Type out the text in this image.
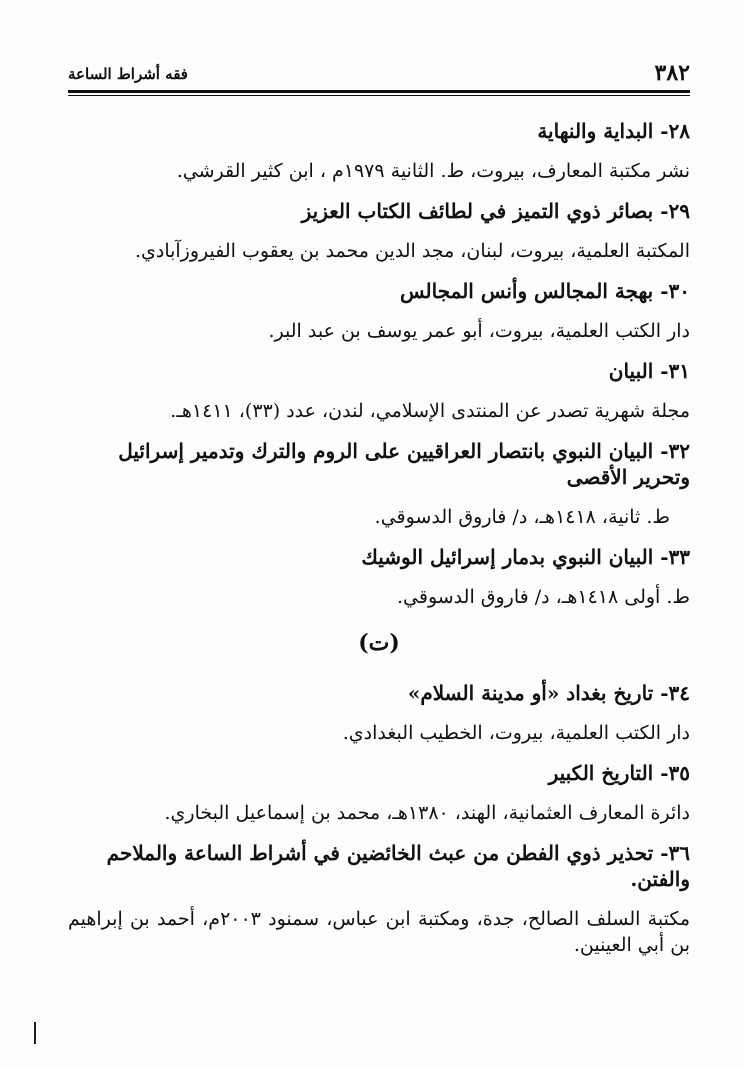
٣٨٢
فقه أشراط الساعة

٢٨- البداية والنهاية

نشر مكتبة المعارف، بيروت، ط. الثانية ١٩٧٩م ، ابن كثير القرشي.

٢٩- بصائر ذوي التميز في لطائف الكتاب العزيز

المكتبة العلمية، بيروت، لبنان، مجد الدين محمد بن يعقوب الفيروزآبادي.

٣٠- بهجة المجالس وأنس المجالس

دار الكتب العلمية، بيروت، أبو عمر يوسف بن عبد البر.

٣١- البيان

مجلة شهرية تصدر عن المنتدى الإسلامي، لندن، عدد (٣٣)، ١٤١١هـ.

٣٢- البيان النبوي بانتصار العراقيين على الروم والترك وتدمير إسرائيل وتحرير الأقصى

ط. ثانية، ١٤١٨هـ، د/ فاروق الدسوقي.

٣٣- البيان النبوي بدمار إسرائيل الوشيك

ط. أولى ١٤١٨هـ، د/ فاروق الدسوقي.

(ت)

٣٤- تاريخ بغداد «أو مدينة السلام»

دار الكتب العلمية، بيروت، الخطيب البغدادي.

٣٥- التاريخ الكبير

دائرة المعارف العثمانية، الهند، ١٣٨٠هـ، محمد بن إسماعيل البخاري.

٣٦- تحذير ذوي الفطن من عبث الخائضين في أشراط الساعة والملاحم والفتن.

مكتبة السلف الصالح، جدة، ومكتبة ابن عباس، سمنود ٢٠٠٣م، أحمد بن إبراهيم بن أبي العينين.
